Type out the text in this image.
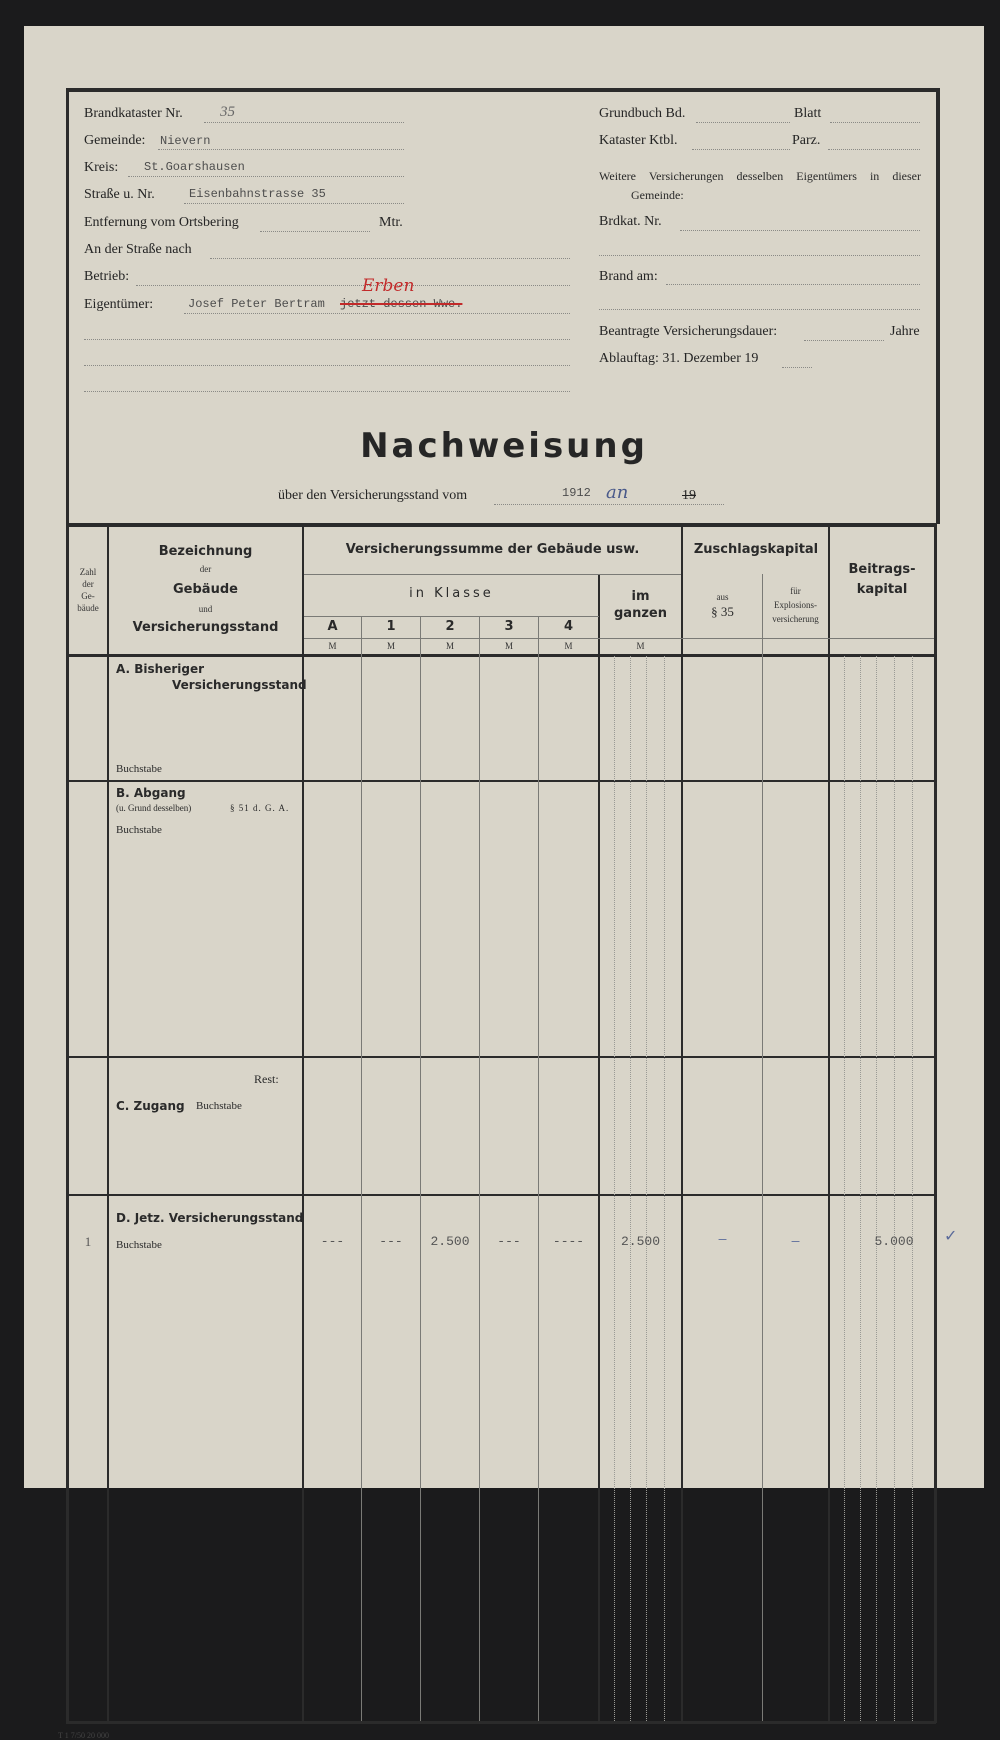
Brandkataster Nr. 35
Gemeinde: Nievern
Kreis: St.Goarshausen
Straße u. Nr.	Eisenbahnstrasse 35
Entfernung vom Ortsbering	Mtr.
An der Straße nach
Betrieb:
Eigentümer:	Josef Peter Bertram jetzt dessen Wwe.
Erben
Grundbuch Bd.	Blatt
Kataster Ktbl.	Parz.
Weitere Versicherungen desselben Eigentümers in dieser
Gemeinde:
Brdkat. Nr.
Brand am:
Beantragte Versicherungsdauer:	Jahre
Ablauftag: 31. Dezember 19
Nachweisung
über den Versicherungsstand vom	1912 an	19
Zahl
der
Ge-
bäude
Bezeichnung
der
Gebäude
und
Versicherungsstand
Versicherungssumme der Gebäude usw.
in Klasse
A	1	2	3	4
im
ganzen
Zuschlagskapital
aus
§ 35
für
Explosions-
versicherung
Beitrags-
kapital
M	M	M	M	M	M
A. Bisheriger
Versicherungsstand
Buchstabe
B. Abgang
(u. Grund desselben)	§ 51 d. G. A.
Buchstabe
Rest:
C. Zugang Buchstabe
D. Jetz. Versicherungsstand
Buchstabe
1	---	---	2.500	---	----	2.500	—	—	5.000	✓
T 1 7/50 20 000
